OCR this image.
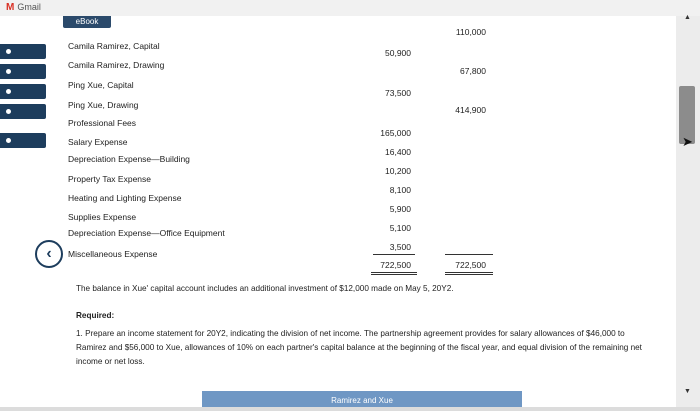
M Gmail
eBook
Camila Ramirez, Capital
110,000
Camila Ramirez, Drawing
50,900
Ping Xue, Capital
67,800
Ping Xue, Drawing
73,500
Professional Fees
414,900
Salary Expense
165,000
Depreciation Expense—Building
16,400
Property Tax Expense
10,200
Heating and Lighting Expense
8,100
Supplies Expense
5,900
Depreciation Expense—Office Equipment	5,100
Miscellaneous Expense
3,500
722,500	722,500
The balance in Xue' capital account includes an additional investment of $12,000 made on May 5, 20Y2.
Required:
1. Prepare an income statement for 20Y2, indicating the division of net income. The partnership agreement provides for salary allowances of $46,000 to Ramirez and $56,000 to Xue, allowances of 10% on each partner's capital balance at the beginning of the fiscal year, and equal division of the remaining net income or net loss.
Ramirez and Xue
‹
▲
➤
▼
